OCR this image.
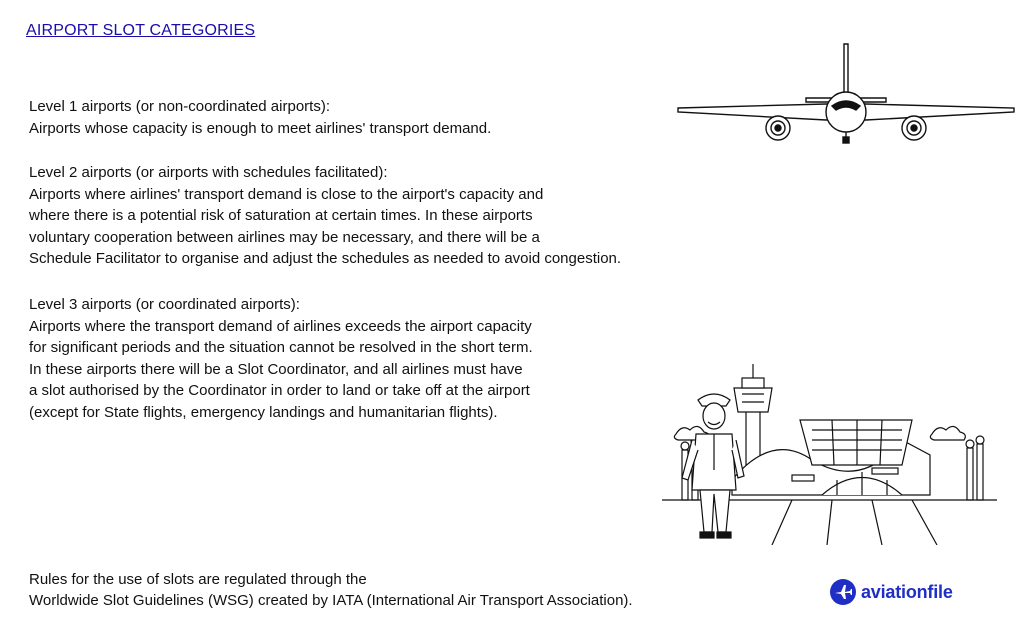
AIRPORT SLOT CATEGORIES

Level 1 airports (or non-coordinated airports):

Airports whose capacity is enough to meet airlines' transport demand.

Level 2 airports (or airports with schedules facilitated):

Airports where airlines' transport demand is close to the airport's capacity and

where there is a potential risk of saturation at certain times. In these airports

voluntary cooperation between airlines may be necessary, and there will be a

Schedule Facilitator to organise and adjust the schedules as needed to avoid congestion.

Level 3 airports (or coordinated airports):

Airports where the transport demand of airlines exceeds the airport capacity

for significant periods and the situation cannot be resolved in the short term.

In these airports there will be a Slot Coordinator, and all airlines must have

a slot authorised by the Coordinator in order to land or take off at the airport

(except for State flights, emergency landings and humanitarian flights).

Rules for the use of slots are regulated through the

Worldwide Slot Guidelines (WSG) created by IATA (International Air Transport Association).	aviationfile
